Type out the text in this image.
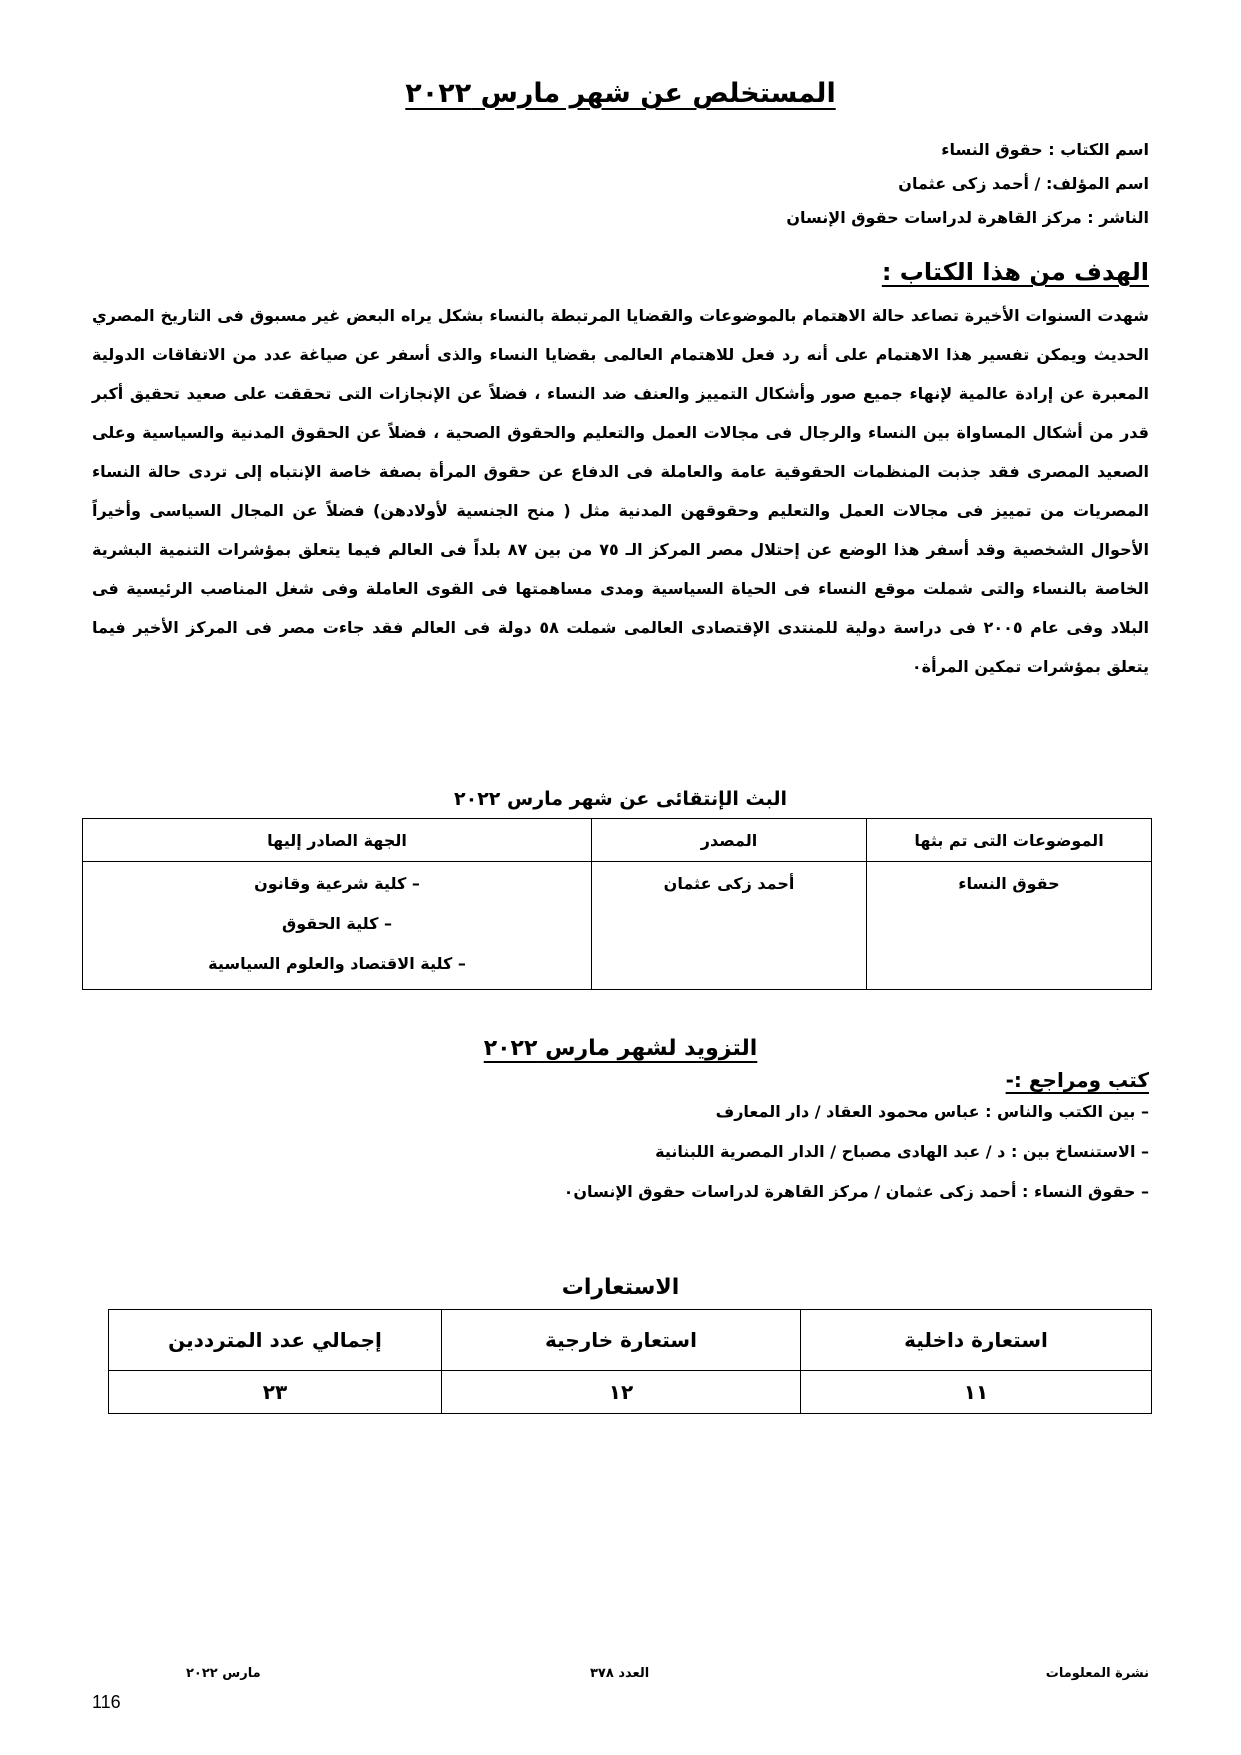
المستخلص عن شهر مارس ٢٠٢٢
اسم الكتاب : حقوق النساء
اسم المؤلف: / أحمد زكى عثمان
الناشر : مركز القاهرة لدراسات حقوق الإنسان
الهدف من هذا الكتاب :
شهدت السنوات الأخيرة تصاعد حالة الاهتمام بالموضوعات والقضايا المرتبطة بالنساء بشكل يراه البعض غير مسبوق فى التاريخ المصري الحديث ويمكن تفسير هذا الاهتمام على أنه رد فعل للاهتمام العالمى بقضايا النساء والذى أسفر عن صياغة عدد من الاتفاقات الدولية المعبرة عن إرادة عالمية لإنهاء جميع صور وأشكال التمييز والعنف ضد النساء ، فضلاً عن الإنجازات التى تحققت على صعيد تحقيق أكبر قدر من أشكال المساواة بين النساء والرجال فى مجالات العمل والتعليم والحقوق الصحية ، فضلاً عن الحقوق المدنية والسياسية وعلى الصعيد المصرى فقد جذبت المنظمات الحقوقية عامة والعاملة فى الدفاع عن حقوق المرأة بصفة خاصة الإنتباه إلى تردى حالة النساء المصريات من تمييز فى مجالات العمل والتعليم وحقوقهن المدنية مثل ( منح الجنسية لأولادهن) فضلاً عن المجال السياسى وأخيراً الأحوال الشخصية وقد أسفر هذا الوضع عن إحتلال مصر المركز الـ ٧٥ من بين ٨٧ بلداً فى العالم فيما يتعلق بمؤشرات التنمية البشرية الخاصة بالنساء والتى شملت موقع النساء فى الحياة السياسية ومدى مساهمتها فى القوى العاملة وفى شغل المناصب الرئيسية فى البلاد وفى عام ٢٠٠٥ فى دراسة دولية للمنتدى الإقتصادى العالمى شملت ٥٨ دولة فى العالم فقد جاءت مصر فى المركز الأخير فيما يتعلق بمؤشرات تمكين المرأة٠
البث الإنتقائى عن شهر مارس ٢٠٢٢
الموضوعات التى تم بثها	المصدر	الجهة الصادر إليها

حقوق النساء	أحمد زكى عثمان	– كلية شرعية وقانون
– كلية الحقوق
– كلية الاقتصاد والعلوم السياسية
التزويد لشهر مارس ٢٠٢٢
كتب ومراجع :-
– بين الكتب والناس : عباس محمود العقاد / دار المعارف
– الاستنساخ بين : د / عبد الهادى مصباح / الدار المصرية اللبنانية
– حقوق النساء : أحمد زكى عثمان / مركز القاهرة لدراسات حقوق الإنسان٠
الاستعارات
استعارة داخلية	استعارة خارجية	إجمالي عدد المترددين
١١	١٢	٢٣
نشرة المعلومات
العدد ٣٧٨
مارس ٢٠٢٢
116
